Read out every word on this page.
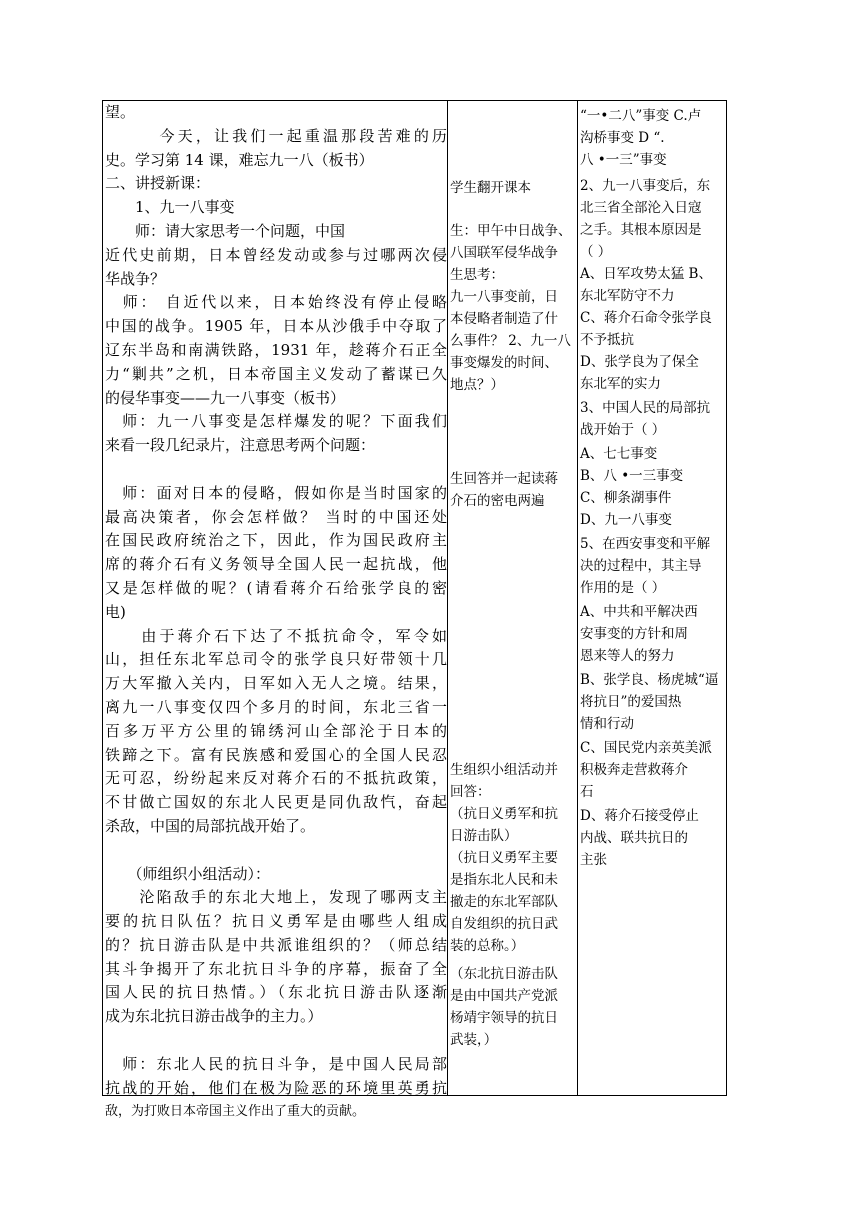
望。
　　　今天，让我们一起重温那段苦难的历
史。学习第 14 课，难忘九一八（板书）
二、讲授新课：
　　1、九一八事变
　　师：请大家思考一个问题，中国
近代史前期，日本曾经发动或参与过哪两次侵
华战争？
　师： 自近代以来，日本始终没有停止侵略
中国的战争。1905 年，日本从沙俄手中夺取了
辽东半岛和南满铁路，1931 年，趁蒋介石正全
力“剿共”之机，日本帝国主义发动了蓄谋已久
的侵华事变——九一八事变（板书）
　师：九一八事变是怎样爆发的呢？下面我们
来看一段几纪录片，注意思考两个问题：

　师：面对日本的侵略，假如你是当时国家的
最高决策者，你会怎样做？ 当时的中国还处
在国民政府统治之下，因此，作为国民政府主
席的蒋介石有义务领导全国人民一起抗战，他
又是怎样做的呢？(请看蒋介石给张学良的密
电)
　　由于蒋介石下达了不抵抗命令，军令如
山，担任东北军总司令的张学良只好带领十几
万大军撤入关内，日军如入无人之境。结果，
离九一八事变仅四个多月的时间，东北三省一
百多万平方公里的锦绣河山全部沦于日本的
铁蹄之下。富有民族感和爱国心的全国人民忍
无可忍，纷纷起来反对蒋介石的不抵抗政策，
不甘做亡国奴的东北人民更是同仇敌忾，奋起
杀敌，中国的局部抗战开始了。

　　（师组织小组活动）：
　　沦陷敌手的东北大地上，发现了哪两支主
要的抗日队伍？抗日义勇军是由哪些人组成
的？抗日游击队是中共派谁组织的？（师总结
其斗争揭开了东北抗日斗争的序幕，振奋了全
国人民的抗日热情。）（东北抗日游击队逐渐
成为东北抗日游击战争的主力。）

　师：东北人民的抗日斗争，是中国人民局部
抗战的开始，他们在极为险恶的环境里英勇抗
敌，为打败日本帝国主义作出了重大的贡献。
学生翻开课本
生：甲午中日战争、
八国联军侵华战争
生思考：
九一八事变前，日
本侵略者制造了什
么事件？ 2、九一八
事变爆发的时间、
地点？）
生回答并一起读蒋
介石的密电两遍
生组织小组活动并
回答：
（抗日义勇军和抗
日游击队）
（抗日义勇军主要
是指东北人民和未
撤走的东北军部队
自发组织的抗日武
装的总称。）
（东北抗日游击队
是由中国共产党派
杨靖宇领导的抗日
武装，）
“一•二八”事变 C.卢
沟桥事变 D “.
八 •一三”事变
2、九一八事变后，东
北三省全部沦入日寇
之手。其根本原因是
（ ）
A、日军攻势太猛 B、
东北军防守不力
C、蒋介石命令张学良
不予抵抗
D、张学良为了保全
东北军的实力
3、中国人民的局部抗
战开始于（ ）
A、七七事变
B、八 •一三事变
C、柳条湖事件
D、九一八事变
5、在西安事变和平解
决的过程中，其主导
作用的是（ ）
A、中共和平解决西
安事变的方针和周
恩来等人的努力
B、张学良、杨虎城“逼
将抗日”的爱国热
情和行动
C、国民党内亲英美派
积极奔走营救蒋介
石
D、蒋介石接受停止
内战、联共抗日的
主张
